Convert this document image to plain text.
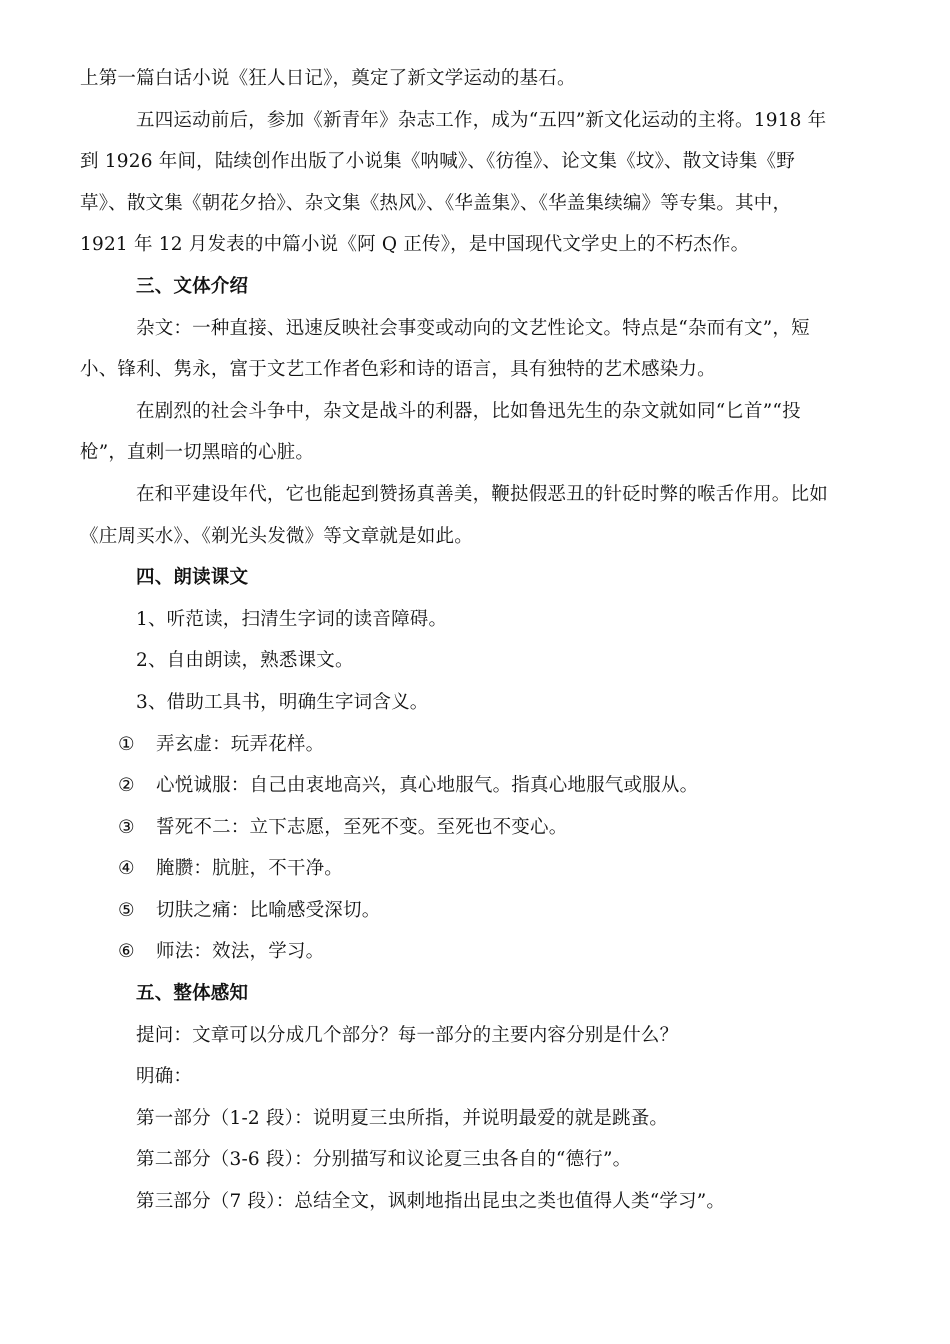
上第一篇白话小说《狂人日记》，奠定了新文学运动的基石。
五四运动前后，参加《新青年》杂志工作，成为“五四”新文化运动的主将。1918 年
到 1926 年间，陆续创作出版了小说集《呐喊》、《彷徨》、论文集《坟》、散文诗集《野
草》、散文集《朝花夕拾》、杂文集《热风》、《华盖集》、《华盖集续编》等专集。其中，
1921 年 12 月发表的中篇小说《阿 Q 正传》，是中国现代文学史上的不朽杰作。
三、文体介绍
杂文：一种直接、迅速反映社会事变或动向的文艺性论文。特点是“杂而有文”，短
小、锋利、隽永，富于文艺工作者色彩和诗的语言，具有独特的艺术感染力。
在剧烈的社会斗争中，杂文是战斗的利器，比如鲁迅先生的杂文就如同“匕首”“投
枪”，直刺一切黑暗的心脏。
在和平建设年代，它也能起到赞扬真善美，鞭挞假恶丑的针砭时弊的喉舌作用。比如
《庄周买水》、《剃光头发微》等文章就是如此。
四、朗读课文
1、听范读，扫清生字词的读音障碍。
2、自由朗读，熟悉课文。
3、借助工具书，明确生字词含义。
① 弄玄虚：玩弄花样。
② 心悦诚服：自己由衷地高兴，真心地服气。指真心地服气或服从。
③ 誓死不二：立下志愿，至死不变。至死也不变心。
④ 腌臜：肮脏，不干净。
⑤ 切肤之痛：比喻感受深切。
⑥ 师法：效法，学习。
五、整体感知
提问：文章可以分成几个部分？每一部分的主要内容分别是什么？
明确：
第一部分（1-2 段）：说明夏三虫所指，并说明最爱的就是跳蚤。
第二部分（3-6 段）：分别描写和议论夏三虫各自的“德行”。
第三部分（7 段）：总结全文，讽刺地指出昆虫之类也值得人类“学习”。
